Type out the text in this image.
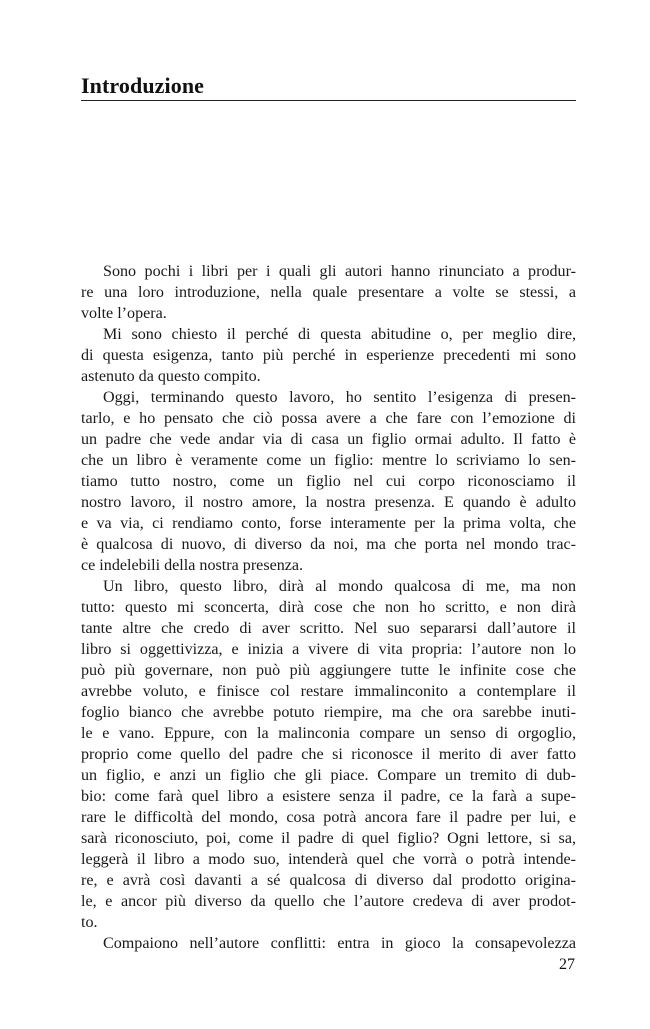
Introduzione
Sono pochi i libri per i quali gli autori hanno rinunciato a produr-
re una loro introduzione, nella quale presentare a volte se stessi, a
volte l’opera.
Mi sono chiesto il perché di questa abitudine o, per meglio dire,
di questa esigenza, tanto più perché in esperienze precedenti mi sono
astenuto da questo compito.
Oggi, terminando questo lavoro, ho sentito l’esigenza di presen-
tarlo, e ho pensato che ciò possa avere a che fare con l’emozione di
un padre che vede andar via di casa un figlio ormai adulto. Il fatto è
che un libro è veramente come un figlio: mentre lo scriviamo lo sen-
tiamo tutto nostro, come un figlio nel cui corpo riconosciamo il
nostro lavoro, il nostro amore, la nostra presenza. E quando è adulto
e va via, ci rendiamo conto, forse interamente per la prima volta, che
è qualcosa di nuovo, di diverso da noi, ma che porta nel mondo trac-
ce indelebili della nostra presenza.
Un libro, questo libro, dirà al mondo qualcosa di me, ma non
tutto: questo mi sconcerta, dirà cose che non ho scritto, e non dirà
tante altre che credo di aver scritto. Nel suo separarsi dall’autore il
libro si oggettivizza, e inizia a vivere di vita propria: l’autore non lo
può più governare, non può più aggiungere tutte le infinite cose che
avrebbe voluto, e finisce col restare immalinconito a contemplare il
foglio bianco che avrebbe potuto riempire, ma che ora sarebbe inuti-
le e vano. Eppure, con la malinconia compare un senso di orgoglio,
proprio come quello del padre che si riconosce il merito di aver fatto
un figlio, e anzi un figlio che gli piace. Compare un tremito di dub-
bio: come farà quel libro a esistere senza il padre, ce la farà a supe-
rare le difficoltà del mondo, cosa potrà ancora fare il padre per lui, e
sarà riconosciuto, poi, come il padre di quel figlio? Ogni lettore, si sa,
leggerà il libro a modo suo, intenderà quel che vorrà o potrà intende-
re, e avrà così davanti a sé qualcosa di diverso dal prodotto origina-
le, e ancor più diverso da quello che l’autore credeva di aver prodot-
to.
Compaiono nell’autore conflitti: entra in gioco la consapevolezza
27
